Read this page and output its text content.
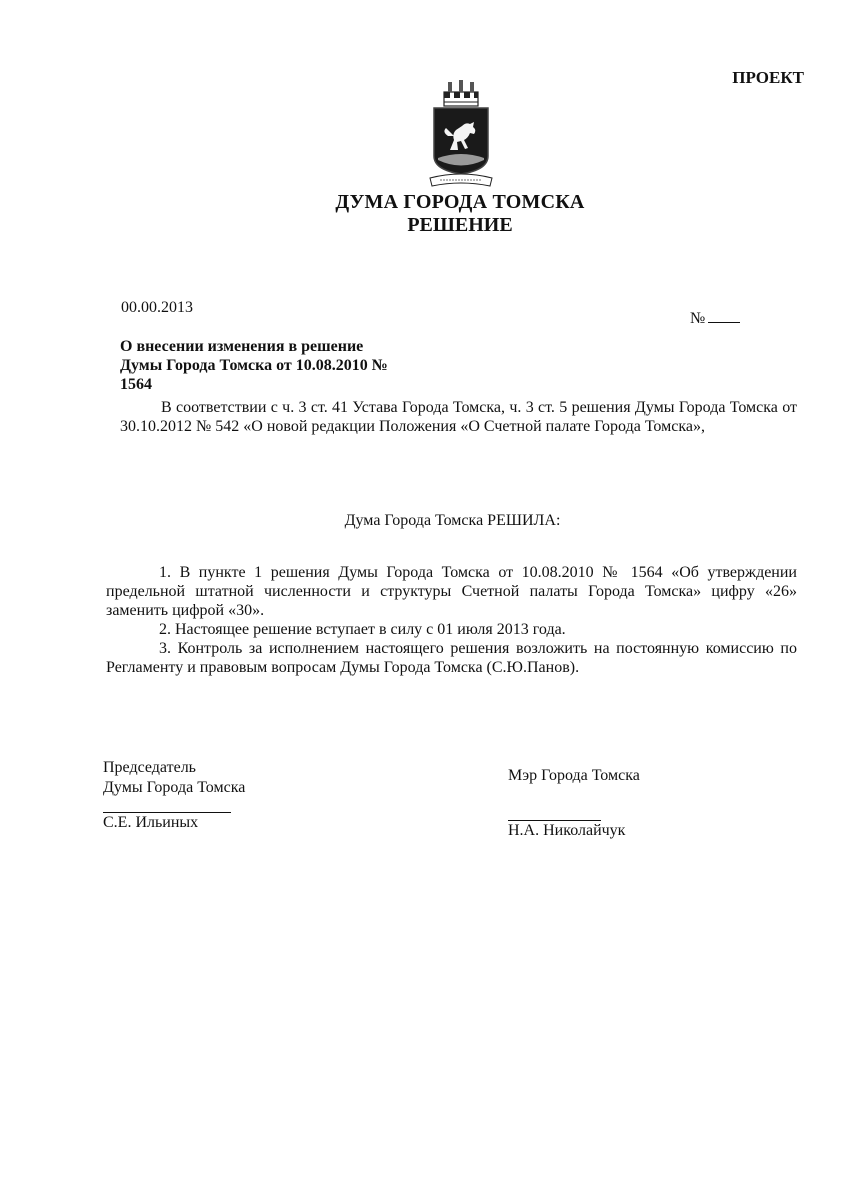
ПРОЕКТ
ДУМА ГОРОДА ТОМСКА
РЕШЕНИЕ
00.00.2013
№
О внесении изменения в решение
Думы Города Томска от 10.08.2010 №
1564
В соответствии с ч. 3 ст. 41 Устава Города Томска, ч. 3 ст. 5 решения Думы Города Томска от 30.10.2012 № 542 «О новой редакции Положения «О Счетной палате Города Томска»,
Дума Города Томска РЕШИЛА:

1. В пункте 1 решения Думы Города Томска от 10.08.2010 № 1564 «Об утверждении предельной штатной численности и структуры Счетной палаты Города Томска» цифру «26» заменить цифрой «30».

2. Настоящее решение вступает в силу с 01 июля 2013 года.

3. Контроль за исполнением настоящего решения возложить на постоянную комиссию по Регламенту и правовым вопросам Думы Города Томска (С.Ю.Панов).

Председатель
Думы Города Томска
С.Е. Ильиных
Мэр Города Томска
Н.А. Николайчук
